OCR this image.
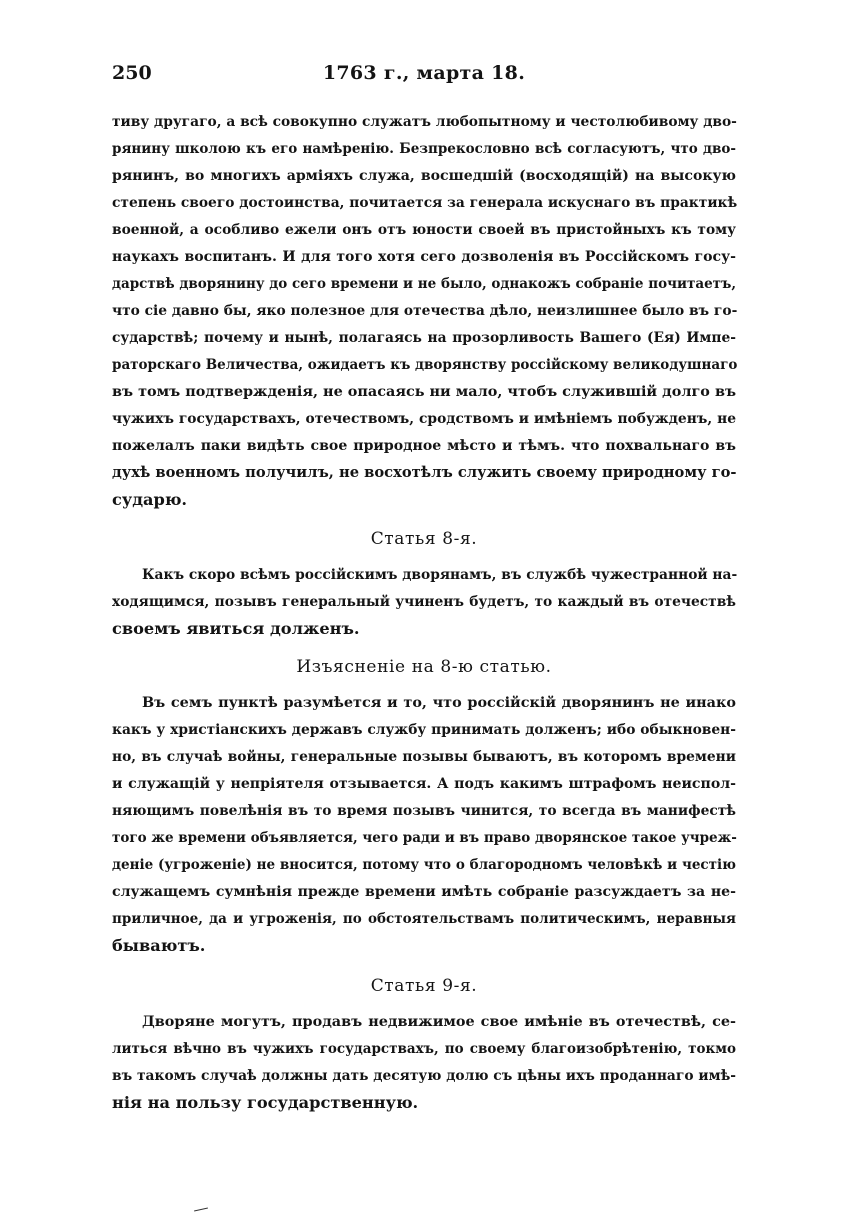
250	1763 г., марта 18.
тиву другаго, а всѣ совокупно служатъ любопытному и честолюбивому дво-
рянину школою къ его намѣренію. Безпрекословно всѣ согласуютъ, что дво-
рянинъ, во многихъ арміяхъ служа, восшедшій (восходящій) на высокую
степень своего достоинства, почитается за генерала искуснаго въ практикѣ
военной, а особливо ежели онъ отъ юности своей въ пристойныхъ къ тому
наукахъ воспитанъ. И для того хотя сего дозволенія въ Россійскомъ госу-
дарствѣ дворянину до сего времени и не было, однакожъ собраніе почитаетъ,
что сіе давно бы, яко полезное для отечества дѣло, неизлишнее было въ го-
сударствѣ; почему и нынѣ, полагаясь на прозорливость Вашего (Ея) Импе-
раторскаго Величества, ожидаетъ къ дворянству россійскому великодушнаго
въ томъ подтвержденія, не опасаясь ни мало, чтобъ служившій долго въ
чужихъ государствахъ, отечествомъ, сродствомъ и имѣніемъ побужденъ, не
пожелалъ паки видѣть свое природное мѣсто и тѣмъ. что похвальнаго въ
духѣ военномъ получилъ, не восхотѣлъ служить своему природному го-
сударю.
Статья 8-я.
Какъ скоро всѣмъ россійскимъ дворянамъ, въ службѣ чужестранной на-
ходящимся, позывъ генеральный учиненъ будетъ, то каждый въ отечествѣ
своемъ явиться долженъ.
Изъясненіе на 8-ю статью.
Въ семъ пунктѣ разумѣется и то, что россійскій дворянинъ не инако
какъ у христіанскихъ державъ службу принимать долженъ; ибо обыкновен-
но, въ случаѣ войны, генеральные позывы бываютъ, въ которомъ времени
и служащій у непріятеля отзывается. А подъ какимъ штрафомъ неиспол-
няющимъ повелѣнія въ то время позывъ чинится, то всегда въ манифестѣ
того же времени объявляется, чего ради и въ право дворянское такое учреж-
деніе (угроженіе) не вносится, потому что о благородномъ человѣкѣ и честію
служащемъ сумнѣнія прежде времени имѣть собраніе разсуждаетъ за не-
приличное, да и угроженія, по обстоятельствамъ политическимъ, неравныя
бываютъ.
Статья 9-я.
Дворяне могутъ, продавъ недвижимое свое имѣніе въ отечествѣ, се-
литься вѣчно въ чужихъ государствахъ, по своему благоизобрѣтенію, токмо
въ такомъ случаѣ должны дать десятую долю съ цѣны ихъ проданнаго имѣ-
нія на пользу государственную.
